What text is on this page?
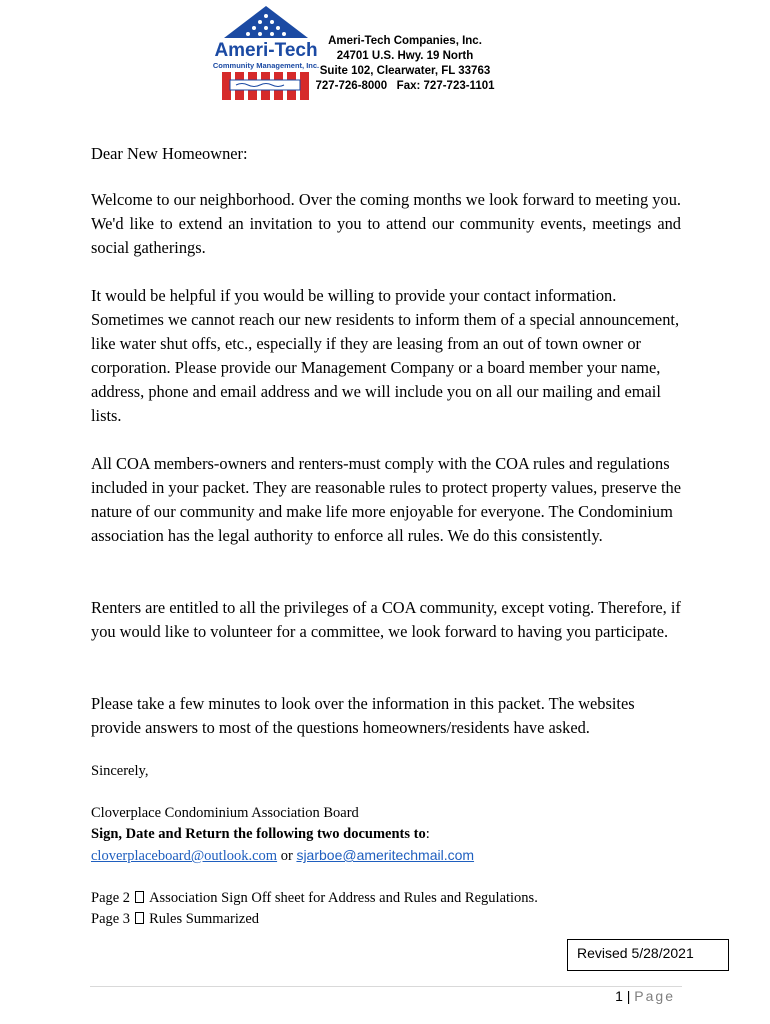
Ameri-Tech
Community Management, Inc.
Ameri-Tech Companies, Inc.
24701 U.S. Hwy. 19 North
Suite 102, Clearwater, FL 33763
727-726-8000   Fax: 727-723-1101
Dear New Homeowner:

Welcome to our neighborhood. Over the coming months we look forward to meeting you. We'd like to extend an invitation to you to attend our community events, meetings and social gatherings.

It would be helpful if you would be willing to provide your contact information. Sometimes we cannot reach our new residents to inform them of a special announcement, like water shut offs, etc., especially if they are leasing from an out of town owner or corporation. Please provide our Management Company or a board member your name, address, phone and email address and we will include you on all our mailing and email lists.

All COA members-owners and renters-must comply with the COA rules and regulations included in your packet. They are reasonable rules to protect property values, preserve the nature of our community and make life more enjoyable for everyone. The Condominium association has the legal authority to enforce all rules. We do this consistently.

Renters are entitled to all the privileges of a COA community, except voting. Therefore, if you would like to volunteer for a committee, we look forward to having you participate.

Please take a few minutes to look over the information in this packet. The websites provide answers to most of the questions homeowners/residents have asked.

Sincerely,
Cloverplace Condominium Association Board
Sign, Date and Return the following two documents to:
cloverplaceboard@outlook.com or sjarboe@ameritechmail.com
Page 2 Association Sign Off sheet for Address and Rules and Regulations.
Page 3 Rules Summarized
Revised 5/28/2021
1 | Page
